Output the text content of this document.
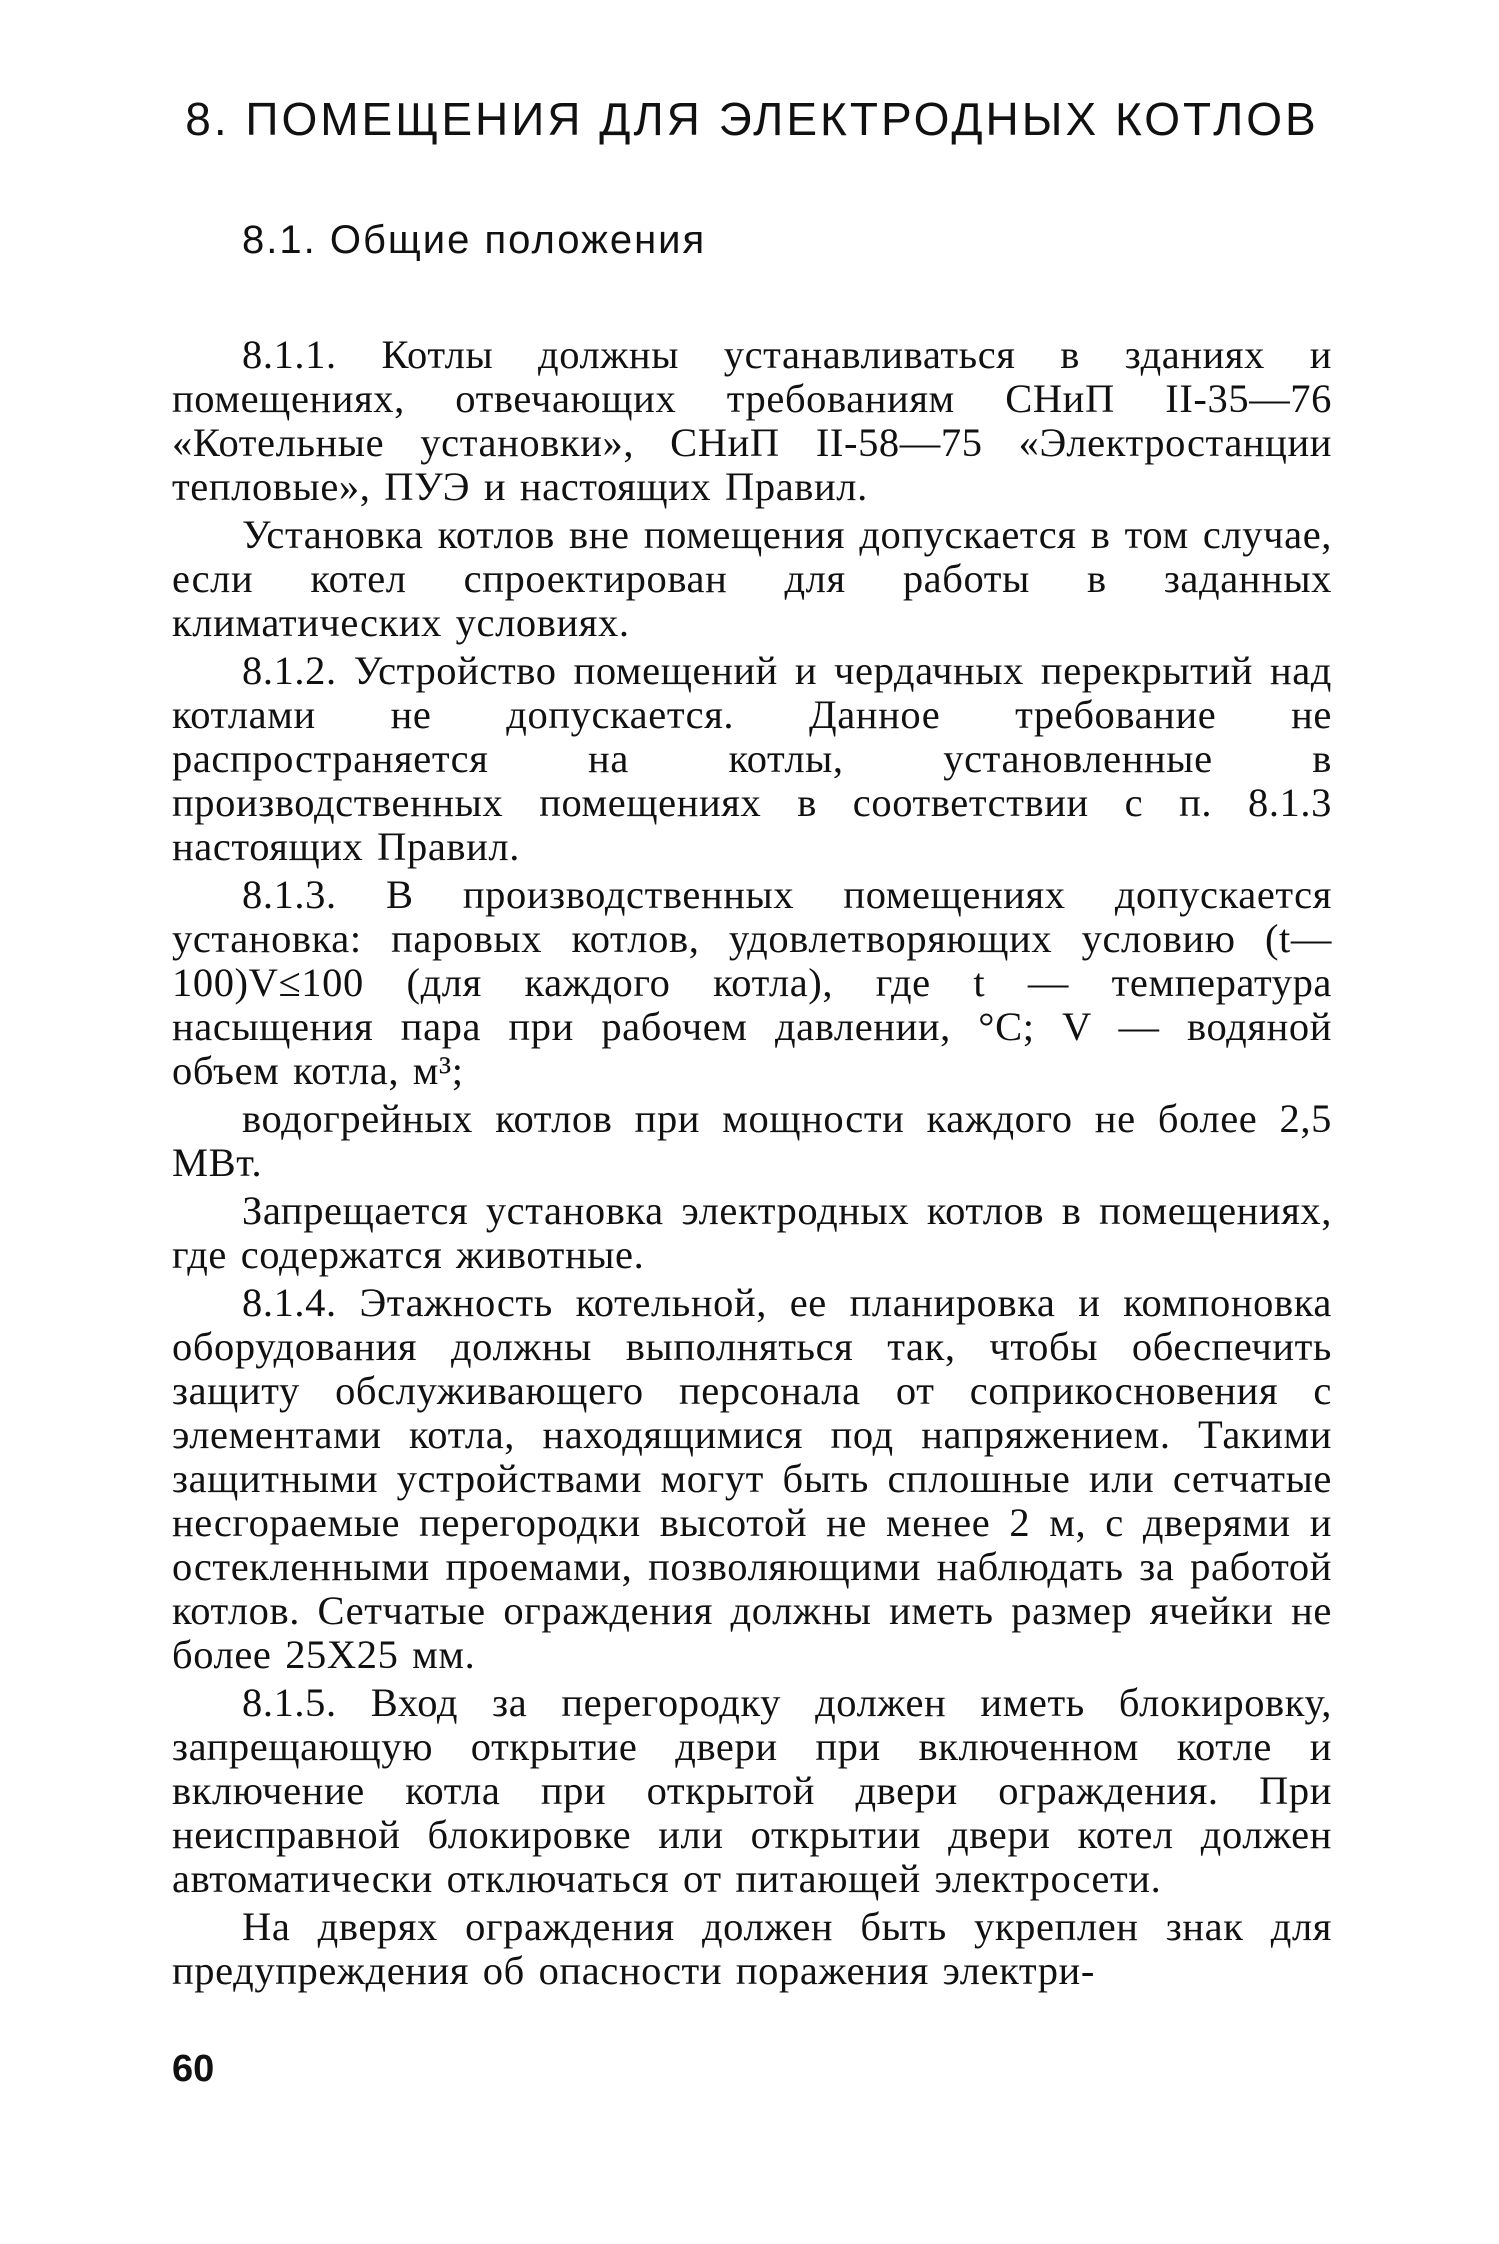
8. ПОМЕЩЕНИЯ ДЛЯ ЭЛЕКТРОДНЫХ КОТЛОВ
8.1. Общие положения

8.1.1. Котлы должны устанавливаться в зданиях и помещениях, отвечающих требованиям СНиП II-35—76 «Котельные установки», СНиП II-58—75 «Электростанции тепловые», ПУЭ и настоящих Правил.

Установка котлов вне помещения допускается в том случае, если котел спроектирован для работы в заданных климатических условиях.

8.1.2. Устройство помещений и чердачных перекрытий над котлами не допускается. Данное требование не распространяется на котлы, установленные в производственных помещениях в соответствии с п. 8.1.3 настоящих Правил.

8.1.3. В производственных помещениях допускается установка: паровых котлов, удовлетворяющих условию (t—100)V≤100 (для каждого котла), где t — температура насыщения пара при рабочем давлении, °С; V — водяной объем котла, м³;

водогрейных котлов при мощности каждого не более 2,5 МВт.

Запрещается установка электродных котлов в помещениях, где содержатся животные.

8.1.4. Этажность котельной, ее планировка и компоновка оборудования должны выполняться так, чтобы обеспечить защиту обслуживающего персонала от соприкосновения с элементами котла, находящимися под напряжением. Такими защитными устройствами могут быть сплошные или сетчатые несгораемые перегородки высотой не менее 2 м, с дверями и остекленными проемами, позволяющими наблюдать за работой котлов. Сетчатые ограждения должны иметь размер ячейки не более 25X25 мм.

8.1.5. Вход за перегородку должен иметь блокировку, запрещающую открытие двери при включенном котле и включение котла при открытой двери ограждения. При неисправной блокировке или открытии двери котел должен автоматически отключаться от питающей электросети.

На дверях ограждения должен быть укреплен знак для предупреждения об опасности поражения электри-

60
